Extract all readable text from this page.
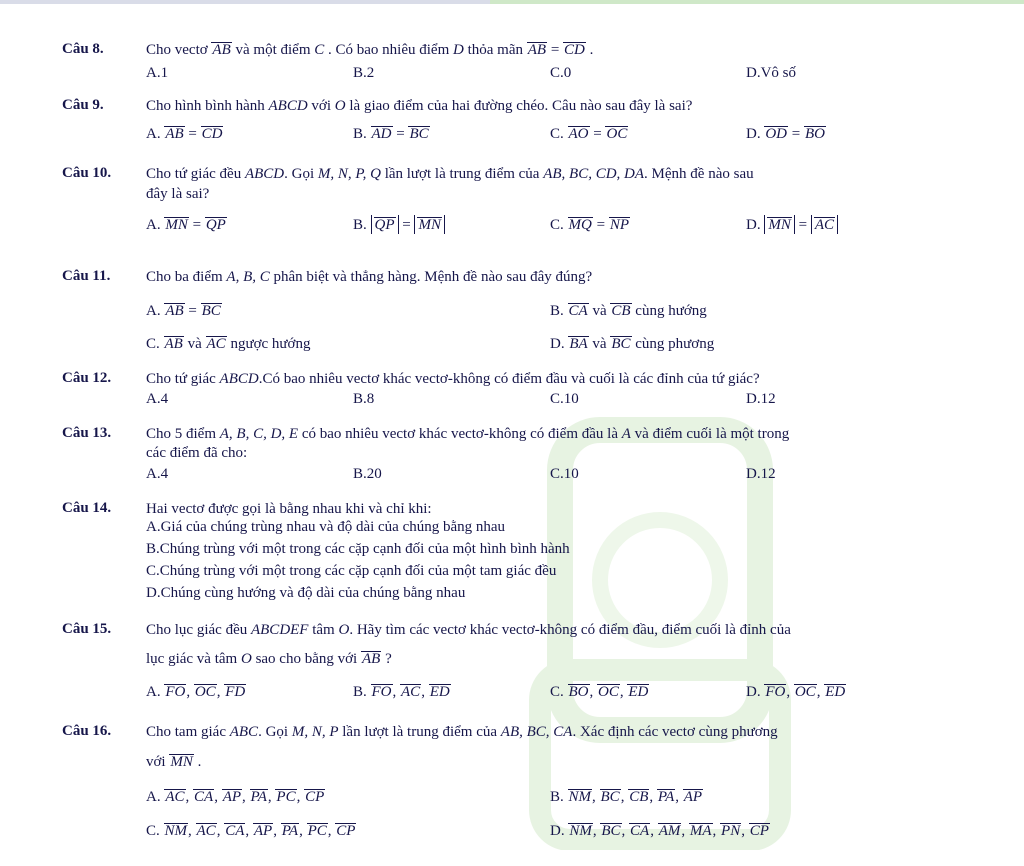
Câu 8.	Cho vectơ AB và một điểm C . Có bao nhiêu điểm D thỏa mãn AB = CD .
A.1	B.2	C.0	D.Vô số
Câu 9.	Cho hình bình hành ABCD với O là giao điểm của hai đường chéo. Câu nào sau đây là sai?
A. AB = CD	B. AD = BC	C. AO = OC	D. OD = BO
Câu 10. Cho tứ giác đều ABCD. Gọi M, N, P, Q lần lượt là trung điểm của AB, BC, CD, DA. Mệnh đề nào sau
đây là sai?
A. MN = QP	B. QP = MN	C. MQ = NP	D. MN = AC
Câu 11. Cho ba điểm A, B, C phân biệt và thẳng hàng. Mệnh đề nào sau đây đúng?
A. AB = BC	B. CA và CB cùng hướng
C. AB và AC ngược hướng	D. BA và BC cùng phương
Câu 12. Cho tứ giác ABCD.Có bao nhiêu vectơ khác vectơ-không có điểm đầu và cuối là các đỉnh của tứ giác?
A.4	B.8	C.10	D.12
Câu 13. Cho 5 điểm A, B, C, D, E có bao nhiêu vectơ khác vectơ-không có điểm đầu là A và điểm cuối là một trong
các điểm đã cho:
A.4	B.20	C.10	D.12
Câu 14. Hai vectơ được gọi là bằng nhau khi và chỉ khi:
A.Giá của chúng trùng nhau và độ dài của chúng bằng nhau
B.Chúng trùng với một trong các cặp cạnh đối của một hình bình hành
C.Chúng trùng với một trong các cặp cạnh đối của một tam giác đều
D.Chúng cùng hướng và độ dài của chúng bằng nhau
Câu 15. Cho lục giác đều ABCDEF tâm O. Hãy tìm các vectơ khác vectơ-không có điểm đầu, điểm cuối là đỉnh của
lục giác và tâm O sao cho bằng với AB ?
A. FO, OC, FD	B. FO, AC, ED	C. BO, OC, ED	D. FO, OC, ED
Câu 16. Cho tam giác ABC. Gọi M, N, P lần lượt là trung điểm của AB, BC, CA. Xác định các vectơ cùng phương
với MN .
A. AC, CA, AP, PA, PC, CP	B. NM, BC, CB, PA, AP
C. NM, AC, CA, AP, PA, PC, CP	D. NM, BC, CA, AM, MA, PN, CP
